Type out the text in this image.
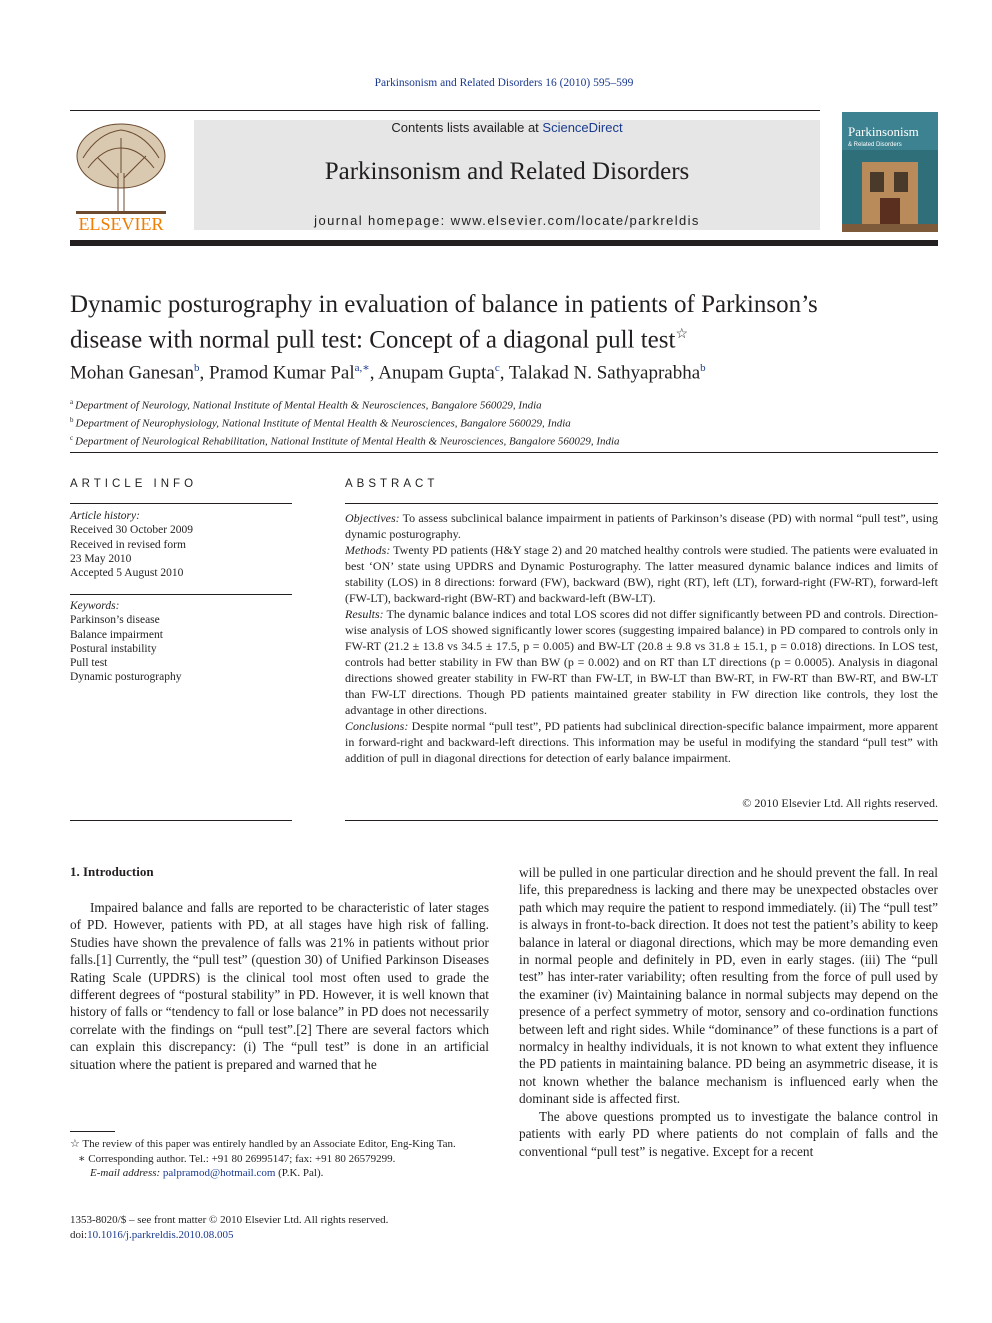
Parkinsonism and Related Disorders 16 (2010) 595–599
ELSEVIER
Contents lists available at ScienceDirect
Parkinsonism and Related Disorders
journal homepage: www.elsevier.com/locate/parkreldis
Parkinsonism
& Related Disorders
Dynamic posturography in evaluation of balance in patients of Parkinson’s
disease with normal pull test: Concept of a diagonal pull test☆
Mohan Ganesan$^b$, Pramod Kumar Pal$^{a,∗}$, Anupam Gupta$^c$, Talakad N. Sathyaprabha$^b$
$^a$ Department of Neurology, National Institute of Mental Health & Neurosciences, Bangalore 560029, India
$^b$ Department of Neurophysiology, National Institute of Mental Health & Neurosciences, Bangalore 560029, India
$^c$ Department of Neurological Rehabilitation, National Institute of Mental Health & Neurosciences, Bangalore 560029, India
ARTICLE INFO
Article history:
Received 30 October 2009
Received in revised form
23 May 2010
Accepted 5 August 2010
Keywords:
Parkinson’s disease
Balance impairment
Postural instability
Pull test
Dynamic posturography
ABSTRACT

Objectives: To assess subclinical balance impairment in patients of Parkinson’s disease (PD) with normal “pull test”, using dynamic posturography.

Methods: Twenty PD patients (H&Y stage 2) and 20 matched healthy controls were studied. The patients were evaluated in best ‘ON’ state using UPDRS and Dynamic Posturography. The latter measured dynamic balance indices and limits of stability (LOS) in 8 directions: forward (FW), backward (BW), right (RT), left (LT), forward-right (FW-RT), forward-left (FW-LT), backward-right (BW-RT) and backward-left (BW-LT).

Results: The dynamic balance indices and total LOS scores did not differ significantly between PD and controls. Direction-wise analysis of LOS showed significantly lower scores (suggesting impaired balance) in PD compared to controls only in FW-RT (21.2 ± 13.8 vs 34.5 ± 17.5, p = 0.005) and BW-LT (20.8 ± 9.8 vs 31.8 ± 15.1, p = 0.018) directions. In LOS test, controls had better stability in FW than BW (p = 0.002) and on RT than LT directions (p = 0.0005). Analysis in diagonal directions showed greater stability in FW-RT than FW-LT, in BW-LT than BW-RT, in FW-RT than BW-RT, and BW-LT than FW-LT directions. Though PD patients maintained greater stability in FW direction like controls, they lost the advantage in other directions.

Conclusions: Despite normal “pull test”, PD patients had subclinical direction-specific balance impairment, more apparent in forward-right and backward-left directions. This information may be useful in modifying the standard “pull test” with addition of pull in diagonal directions for detection of early balance impairment.

© 2010 Elsevier Ltd. All rights reserved.
1. Introduction

Impaired balance and falls are reported to be characteristic of later stages of PD. However, patients with PD, at all stages have high risk of falling. Studies have shown the prevalence of falls was 21% in patients without prior falls.[1] Currently, the “pull test” (question 30) of Unified Parkinson Diseases Rating Scale (UPDRS) is the clinical tool most often used to grade the different degrees of “postural stability” in PD. However, it is well known that history of falls or “tendency to fall or lose balance” in PD does not necessarily correlate with the findings on “pull test”.[2] There are several factors which can explain this discrepancy: (i) The “pull test” is done in an artificial situation where the patient is prepared and warned that he

will be pulled in one particular direction and he should prevent the fall. In real life, this preparedness is lacking and there may be unexpected obstacles over path which may require the patient to respond immediately. (ii) The “pull test” is always in front-to-back direction. It does not test the patient’s ability to keep balance in lateral or diagonal directions, which may be more demanding even in normal people and definitely in PD, even in early stages. (iii) The “pull test” has inter-rater variability; often resulting from the force of pull used by the examiner (iv) Maintaining balance in normal subjects may depend on the presence of a perfect symmetry of motor, sensory and co-ordination functions between left and right sides. While “dominance” of these functions is a part of normalcy in healthy individuals, it is not known to what extent they influence the PD patients in maintaining balance. PD being an asymmetric disease, it is not known whether the balance mechanism is influenced early when the dominant side is affected first.

The above questions prompted us to investigate the balance control in patients with early PD where patients do not complain of falls and the conventional “pull test” is negative. Except for a recent

☆ The review of this paper was entirely handled by an Associate Editor, Eng-King Tan.
∗ Corresponding author. Tel.: +91 80 26995147; fax: +91 80 26579299.
E-mail address: palpramod@hotmail.com (P.K. Pal).
1353-8020/$ – see front matter © 2010 Elsevier Ltd. All rights reserved.
doi:10.1016/j.parkreldis.2010.08.005
